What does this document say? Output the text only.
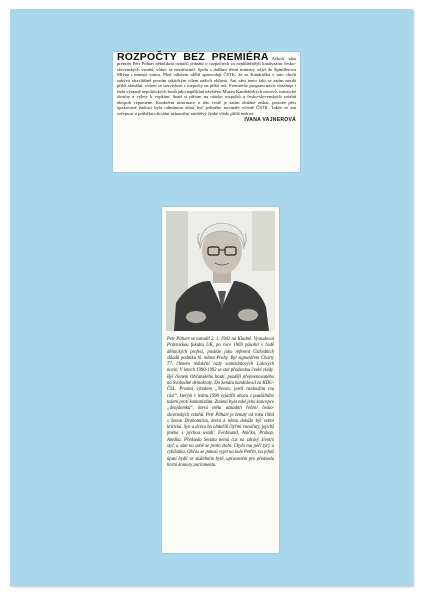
ROZPOČTY BEZ PREMIÉRA Ačkoli sám premiér Petr Pithart několikrát označil jednání o rozpočtech za nejdůležitější katalyzátor česko-slovenských vztahů, vůbec se nezúčastnil. Spolu s dalšími třemi ministry odjel do Špindlerova Mlýna i ministr vnitra. Před odletem sdělil zpravodaji ČSTK, že se Kandráčka v tuto chvíli zabývá obzvláštně prvním taktickým cílem našich občanů. Ani sám tento fakt se zatím nezdá příliš aktuální, ovšem se souvislostí s rozpočty na příští rok. Premiérův program navíc obsahuje i řadu výrazně nepolitických bodů jako například návštěvu Muzea Kandráčských ostrovů, turistické okruhy a výlety k vopkám. Snad si přitom na otázku rozpočtů a česko-slovenských vztahů alespoň vzpomene. Konkrétní informace o této cestě je zatím obtížné získat, protože přes opakované žádosti byla odmítnuta účast byť jediného novináře včetně ČSTK. Takže se ani veřejnost o průběhu oficiální zahraniční návštěvy české vlády příliš nedoví.

IVANA VAJNEROVÁ

Petr Pithart se narodil 2. 1. 1941 na Kladně. Vystudoval Právnickou fakultu UK, po roce 1969 působil v řadě dělnických profesí, posléze jako referent Ústředních skladů podniku hl. města Prahy. Byl signatářem Charty 77, členem redakční rady samizdatových Lidových novin. V letech 1990-1992 se stal předsedou české vlády. Byl členem Občanského hnutí, později přejmenovaného na Svobodné demokraty. Do Senátu kandidoval za KDU-ČSL. Proslul výrokem „Nevím, jestli nesloužím tvu rást“, kterým v lednu 1990 vyjádřil obavu z paušálního tažení proti komunistům. Známá byla také jeho koncepce „dvojdomku“, která měla usnadnit řešení česko-slovenských vztahů. Petr Pithart je ženatý od roku 1964 s ženou Drahomírou, která k němu dokáže být velmi kritická. Syn a dcera bo obdařili čtyřmi vnoučaty, jejichž jména s pýchou uvádí: Ferdinand, Anička, Prokop, Anežka. Předseda Senátu nemá čas na zdravý životní styl, a sám na sobě se proto zlobí. Chybí mu péči týry a cyklistika. Občas se pokusí vyjet na kole Petřín, na jehož úpatí bydlí ve služebním bytě, upraveném pro předsedu horní komory parlamentu.
